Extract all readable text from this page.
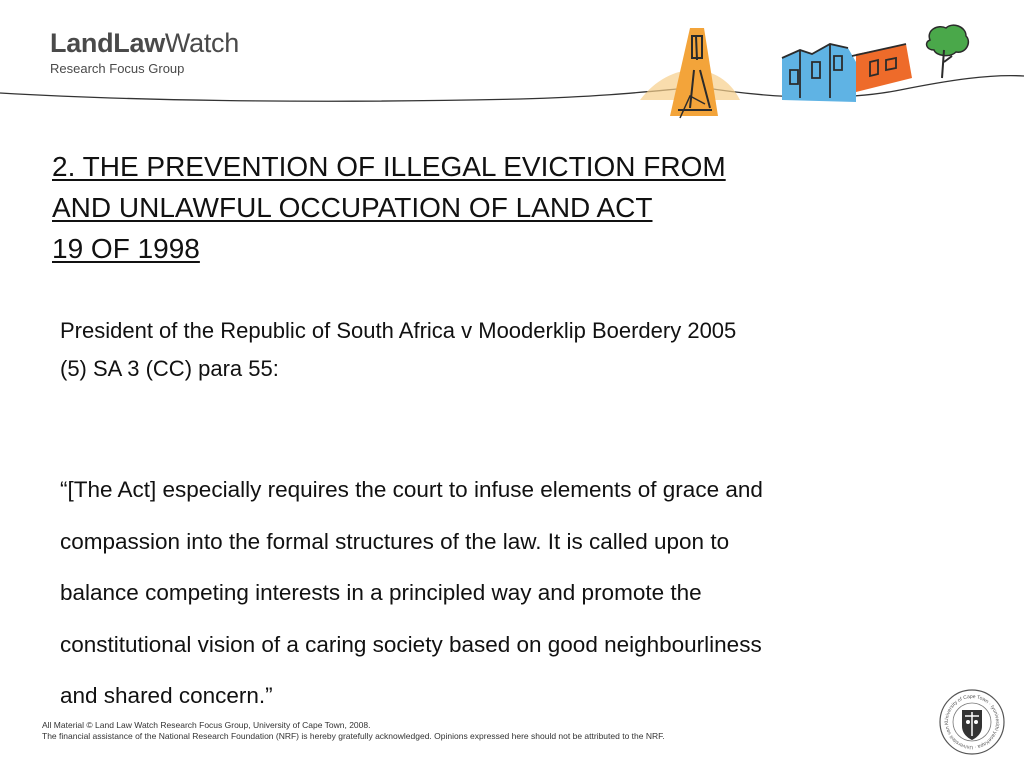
LandLawWatch
Research Focus Group
2. THE PREVENTION OF ILLEGAL EVICTION FROM
AND UNLAWFUL OCCUPATION OF LAND ACT
19 OF 1998
President of the Republic of South Africa v Mooderklip Boerdery 2005
(5) SA 3 (CC) para 55:
“[The Act] especially requires the court to infuse elements of grace and
compassion into the formal structures of the law. It is called upon to
balance competing interests in a principled way and promote the
constitutional vision of a caring society based on good neighbourliness
and shared concern.”
All Material © Land Law Watch Research Focus Group, University of Cape Town, 2008.
The financial assistance of the National Research Foundation (NRF) is hereby gratefully acknowledged. Opinions expressed here should not be attributed to the NRF.
University of Cape Town · Iyunivesithi yaseKapa · Universiteit van K
